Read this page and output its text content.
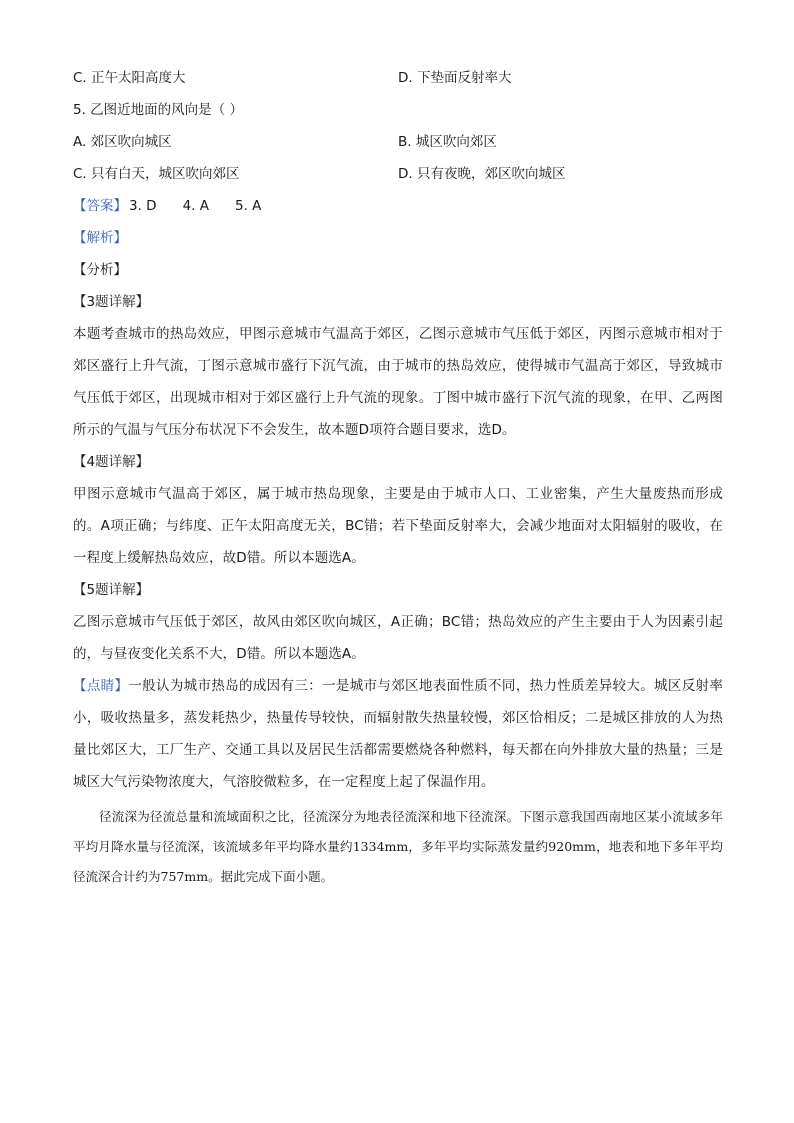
C. 正午太阳高度大	D. 下垫面反射率大
5. 乙图近地面的风向是（ ）
A. 郊区吹向城区	B. 城区吹向郊区
C. 只有白天，城区吹向郊区	D. 只有夜晚，郊区吹向城区
【答案】 3. D 4. A 5. A
【解析】
【分析】
【3题详解】

本题考查城市的热岛效应，甲图示意城市气温高于郊区，乙图示意城市气压低于郊区，丙图示意城市相对于郊区盛行上升气流，丁图示意城市盛行下沉气流，由于城市的热岛效应，使得城市气温高于郊区，导致城市气压低于郊区，出现城市相对于郊区盛行上升气流的现象。丁图中城市盛行下沉气流的现象，在甲、乙两图所示的气温与气压分布状况下不会发生，故本题D项符合题目要求，选D。

【4题详解】

甲图示意城市气温高于郊区，属于城市热岛现象，主要是由于城市人口、工业密集，产生大量废热而形成的。A项正确；与纬度、正午太阳高度无关，BC错；若下垫面反射率大，会减少地面对太阳辐射的吸收，在一程度上缓解热岛效应，故D错。所以本题选A。

【5题详解】

乙图示意城市气压低于郊区，故风由郊区吹向城区，A正确；BC错；热岛效应的产生主要由于人为因素引起的，与昼夜变化关系不大，D错。所以本题选A。

【点睛】一般认为城市热岛的成因有三：一是城市与郊区地表面性质不同，热力性质差异较大。城区反射率小，吸收热量多，蒸发耗热少，热量传导较快，而辐射散失热量较慢，郊区恰相反；二是城区排放的人为热量比郊区大，工厂生产、交通工具以及居民生活都需要燃烧各种燃料，每天都在向外排放大量的热量；三是城区大气污染物浓度大，气溶胶微粒多，在一定程度上起了保温作用。

径流深为径流总量和流域面积之比，径流深分为地表径流深和地下径流深。下图示意我国西南地区某小流域多年平均月降水量与径流深，该流域多年平均降水量约1334mm，多年平均实际蒸发量约920mm，地表和地下多年平均径流深合计约为757mm。据此完成下面小题。
